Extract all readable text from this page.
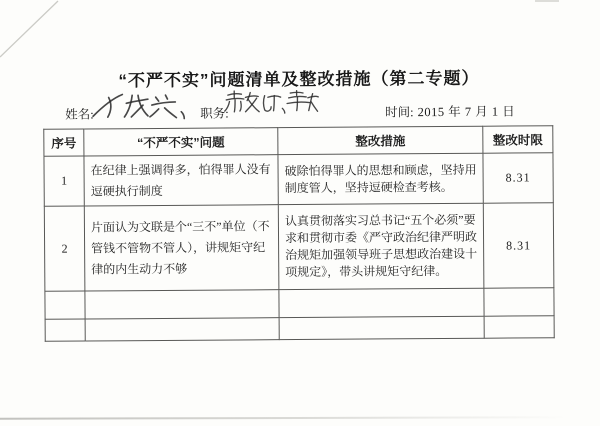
“不严不实”问题清单及整改措施（第二专题）
姓名:	职务:	时间: 2015 年 7 月 1 日
序号	“不严不实”问题	整改措施	整改时限
1	在纪律上强调得多，怕得罪人没有逗硬执行制度	破除怕得罪人的思想和顾虑，坚持用制度管人，坚持逗硬检查考核。	8.31
2	片面认为文联是个“三不”单位（不管钱不管物不管人），讲规矩守纪律的内生动力不够	认真贯彻落实习总书记“五个必须”要求和贯彻市委《严守政治纪律严明政治规矩加强领导班子思想政治建设十项规定》，带头讲规矩守纪律。	8.31
